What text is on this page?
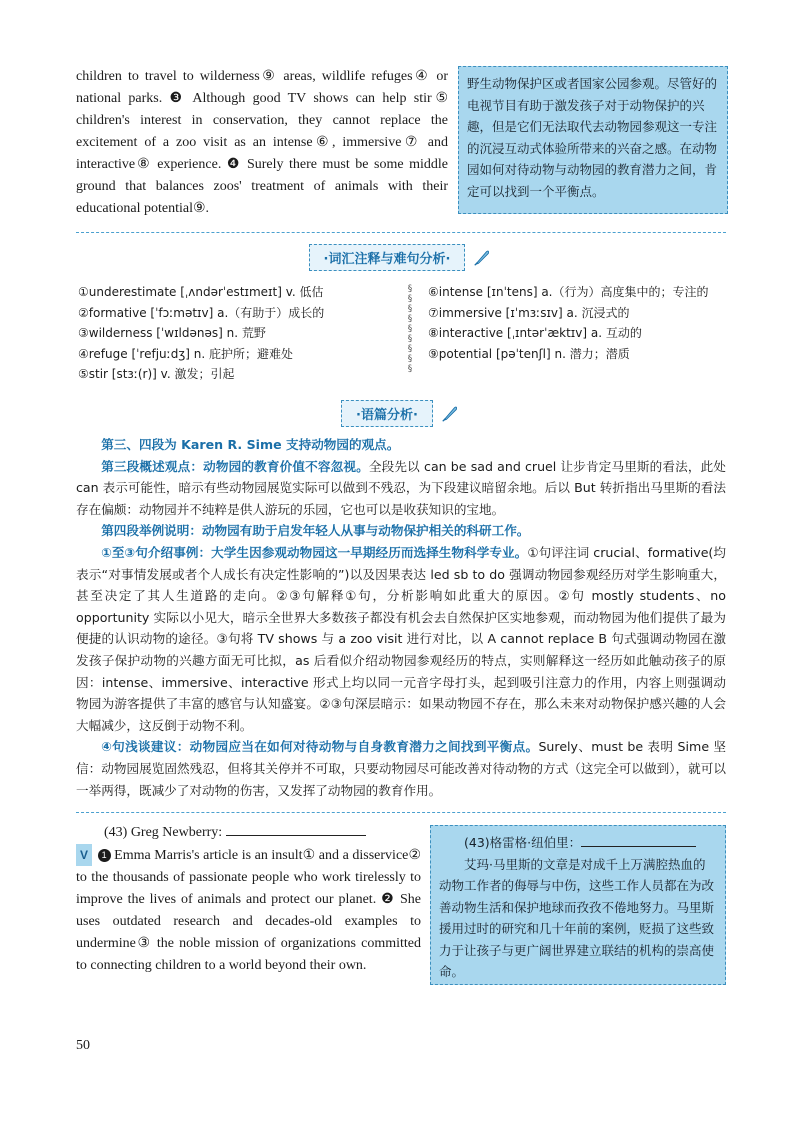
children to travel to wilderness⑨ areas, wildlife refuges④ or national parks. ❸ Although good TV shows can help stir⑤ children's interest in conservation, they cannot replace the excitement of a zoo visit as an intense⑥, immersive⑦ and interactive⑧ experience. ❹ Surely there must be some middle ground that balances zoos' treatment of animals with their educational potential⑨.
野生动物保护区或者国家公园参观。尽管好的电视节目有助于激发孩子对于动物保护的兴趣，但是它们无法取代去动物园参观这一专注的沉浸互动式体验所带来的兴奋之感。在动物园如何对待动物与动物园的教育潜力之间，肯定可以找到一个平衡点。
·词汇注释与难句分析·
①underestimate [ˌʌndərˈestɪmeɪt] v. 低估
②formative [ˈfɔːmətɪv] a.（有助于）成长的
③wilderness [ˈwɪldənəs] n. 荒野
④refuge [ˈrefjuːdʒ] n. 庇护所；避难处
⑤stir [stɜː(r)] v. 激发；引起
§
§
§
§
§
§
§
§
§
⑥intense [ɪnˈtens] a.（行为）高度集中的；专注的
⑦immersive [ɪˈmɜːsɪv] a. 沉浸式的
⑧interactive [ˌɪntərˈæktɪv] a. 互动的
⑨potential [pəˈtenʃl] n. 潜力；潜质
·语篇分析·

第三、四段为 Karen R. Sime 支持动物园的观点。

第三段概述观点：动物园的教育价值不容忽视。全段先以 can be sad and cruel 让步肯定马里斯的看法，此处 can 表示可能性，暗示有些动物园展览实际可以做到不残忍，为下段建议暗留余地。后以 But 转折指出马里斯的看法存在偏颇：动物园并不纯粹是供人游玩的乐园，它也可以是收获知识的宝地。

第四段举例说明：动物园有助于启发年轻人从事与动物保护相关的科研工作。

①至③句介绍事例：大学生因参观动物园这一早期经历而选择生物科学专业。①句评注词 crucial、formative(均表示“对事情发展或者个人成长有决定性影响的”)以及因果表达 led sb to do 强调动物园参观经历对学生影响重大，甚至决定了其人生道路的走向。②③句解释①句，分析影响如此重大的原因。②句 mostly students、no opportunity 实际以小见大，暗示全世界大多数孩子都没有机会去自然保护区实地参观，而动物园为他们提供了最为便捷的认识动物的途径。③句将 TV shows 与 a zoo visit 进行对比，以 A cannot replace B 句式强调动物园在激发孩子保护动物的兴趣方面无可比拟，as 后看似介绍动物园参观经历的特点，实则解释这一经历如此触动孩子的原因：intense、immersive、interactive 形式上均以同一元音字母打头，起到吸引注意力的作用，内容上则强调动物园为游客提供了丰富的感官与认知盛宴。②③句深层暗示：如果动物园不存在，那么未来对动物保护感兴趣的人会大幅减少，这反倒于动物不利。

④句浅谈建议：动物园应当在如何对待动物与自身教育潜力之间找到平衡点。Surely、must be 表明 Sime 坚信：动物园展览固然残忍，但将其关停并不可取，只要动物园尽可能改善对待动物的方式（这完全可以做到），就可以一举两得，既减少了对动物的伤害，又发挥了动物园的教育作用。

(43) Greg Newberry:
V 1 Emma Marris's article is an insult① and a disservice② to the thousands of passionate people who work tirelessly to improve the lives of animals and protect our planet. ❷ She uses outdated research and decades-old examples to undermine③ the noble mission of organizations committed to connecting children to a world beyond their own.
(43)格雷格·纽伯里：
艾玛·马里斯的文章是对成千上万满腔热血的动物工作者的侮辱与中伤，这些工作人员都在为改善动物生活和保护地球而孜孜不倦地努力。马里斯援用过时的研究和几十年前的案例，贬损了这些致力于让孩子与更广阔世界建立联结的机构的崇高使命。
50
